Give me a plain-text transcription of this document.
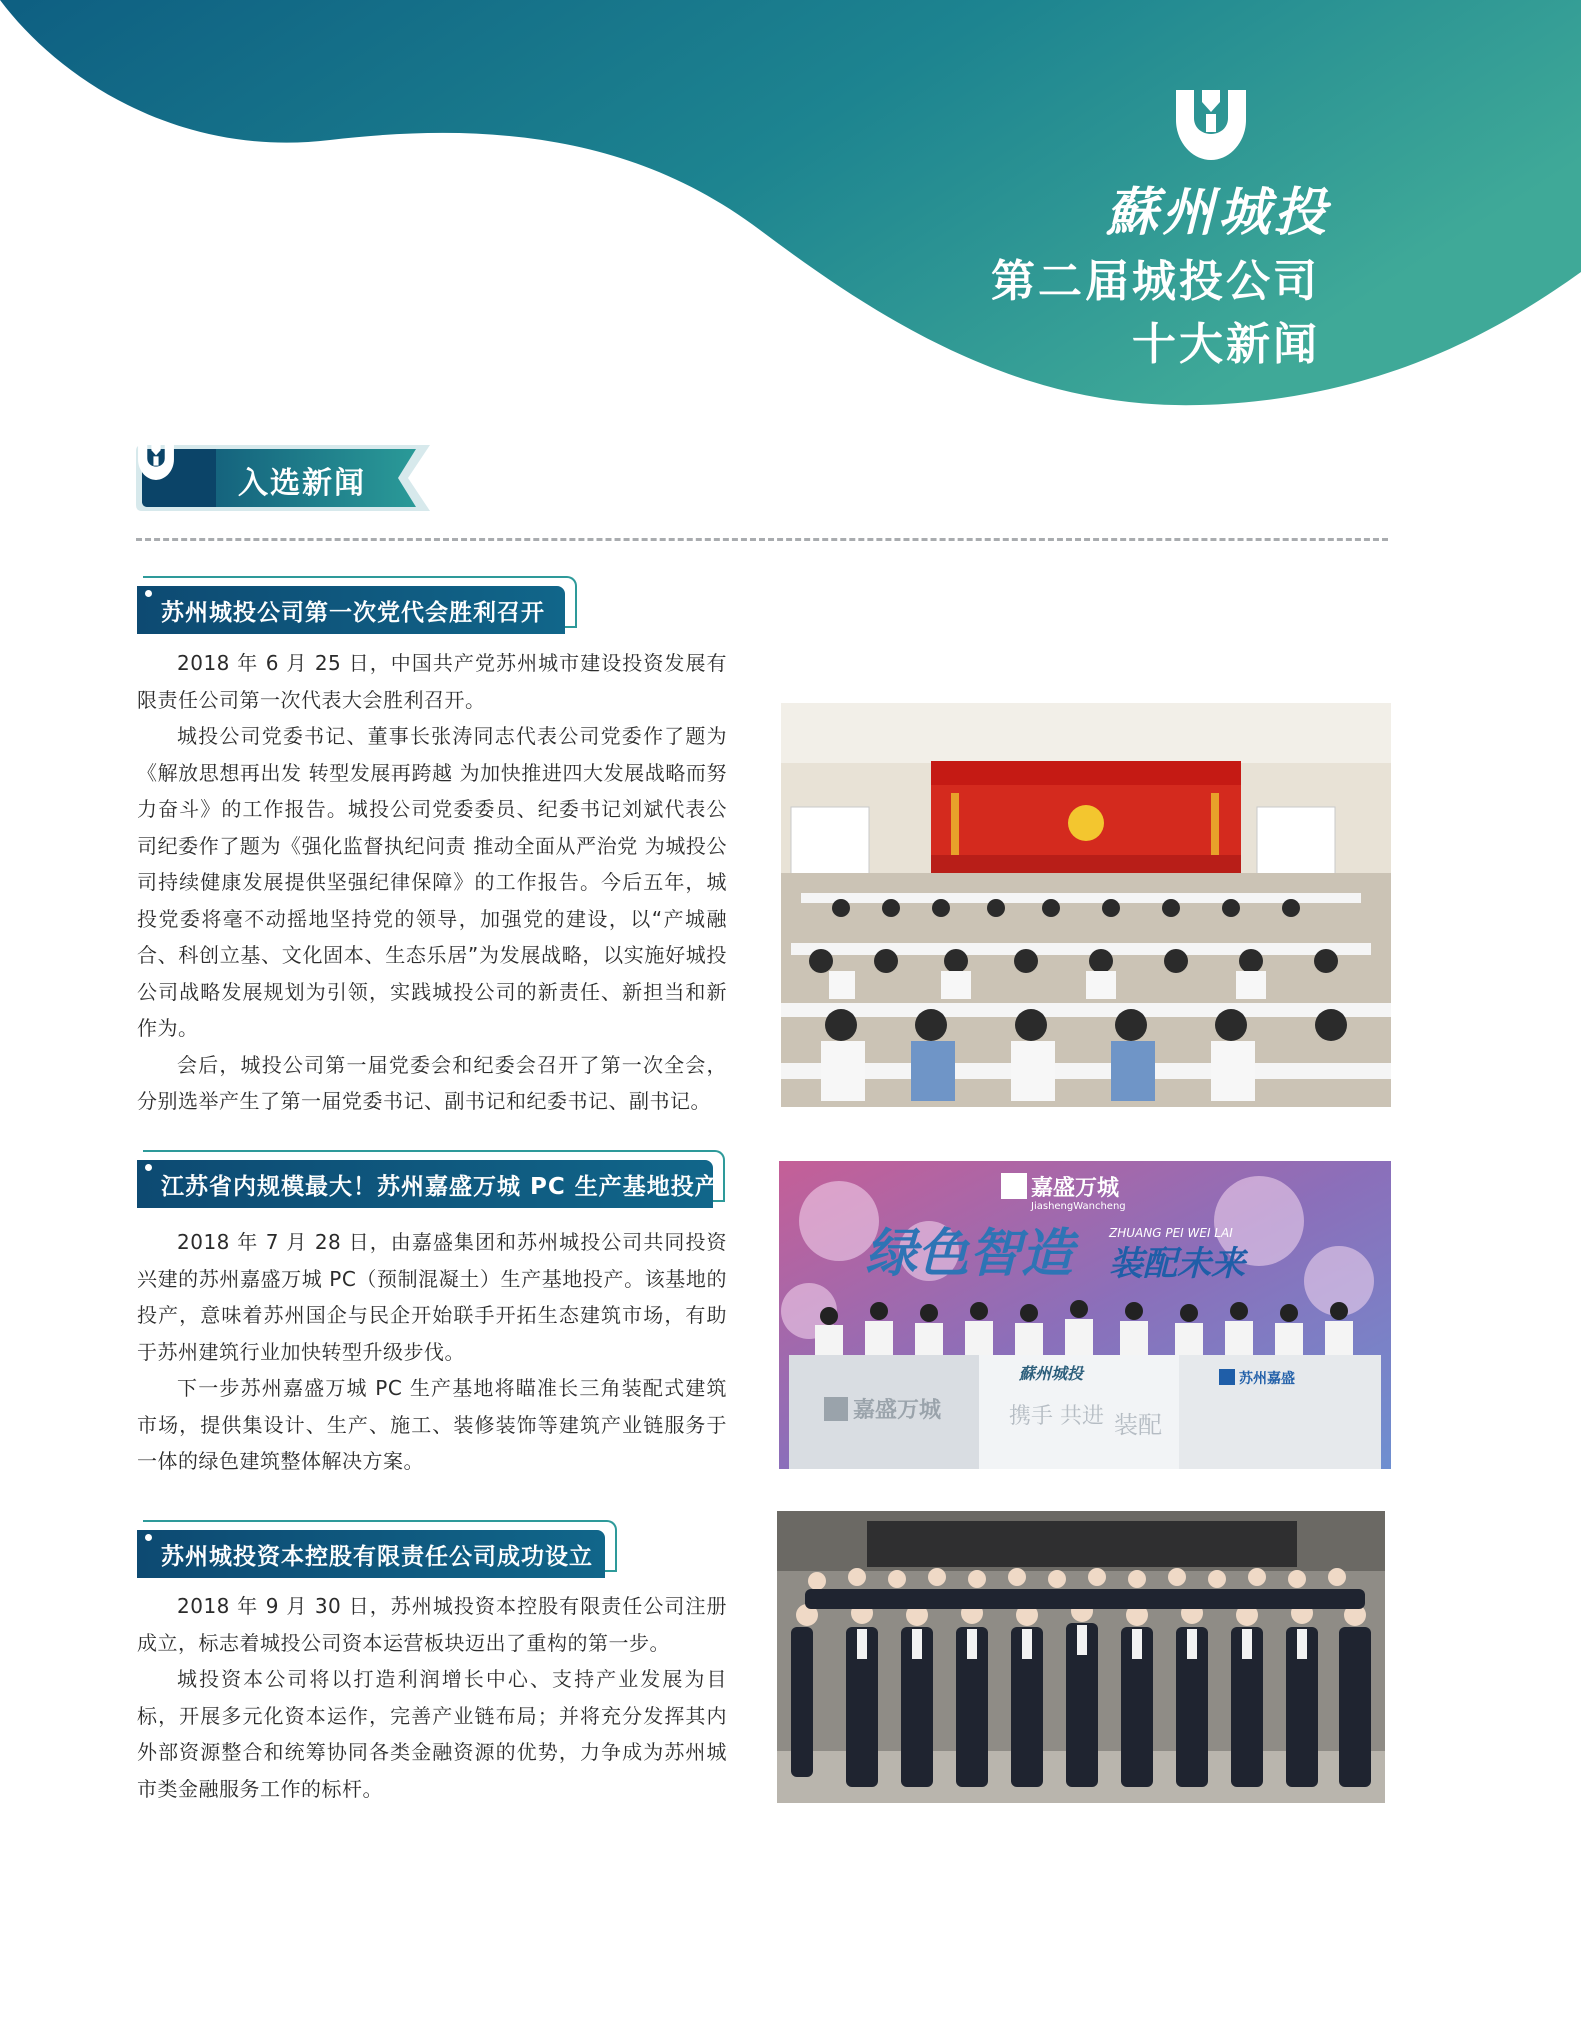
蘇州城投
第二届城投公司
十大新闻
入选新闻
苏州城投公司第一次党代会胜利召开

2018 年 6 月 25 日，中国共产党苏州城市建设投资发展有限责任公司第一次代表大会胜利召开。

城投公司党委书记、董事长张涛同志代表公司党委作了题为《解放思想再出发 转型发展再跨越 为加快推进四大发展战略而努力奋斗》的工作报告。城投公司党委委员、纪委书记刘斌代表公司纪委作了题为《强化监督执纪问责 推动全面从严治党 为城投公司持续健康发展提供坚强纪律保障》的工作报告。今后五年，城投党委将毫不动摇地坚持党的领导，加强党的建设，以“产城融合、科创立基、文化固本、生态乐居”为发展战略，以实施好城投公司战略发展规划为引领，实践城投公司的新责任、新担当和新作为。

会后，城投公司第一届党委会和纪委会召开了第一次全会，分别选举产生了第一届党委书记、副书记和纪委书记、副书记。

江苏省内规模最大！苏州嘉盛万城 PC 生产基地投产

2018 年 7 月 28 日，由嘉盛集团和苏州城投公司共同投资兴建的苏州嘉盛万城 PC（预制混凝土）生产基地投产。该基地的投产，意味着苏州国企与民企开始联手开拓生态建筑市场，有助于苏州建筑行业加快转型升级步伐。

下一步苏州嘉盛万城 PC 生产基地将瞄准长三角装配式建筑市场，提供集设计、生产、施工、装修装饰等建筑产业链服务于一体的绿色建筑整体解决方案。

嘉盛万城
JiashengWancheng
绿色智造	ZHUANG PEI WEI LAI
装配未来
嘉盛万城
蘇州城投
携手 共进 装配
苏州嘉盛
苏州城投资本控股有限责任公司成功设立

2018 年 9 月 30 日，苏州城投资本控股有限责任公司注册成立，标志着城投公司资本运营板块迈出了重构的第一步。

城投资本公司将以打造利润增长中心、支持产业发展为目标，开展多元化资本运作，完善产业链布局；并将充分发挥其内外部资源整合和统筹协同各类金融资源的优势，力争成为苏州城市类金融服务工作的标杆。
